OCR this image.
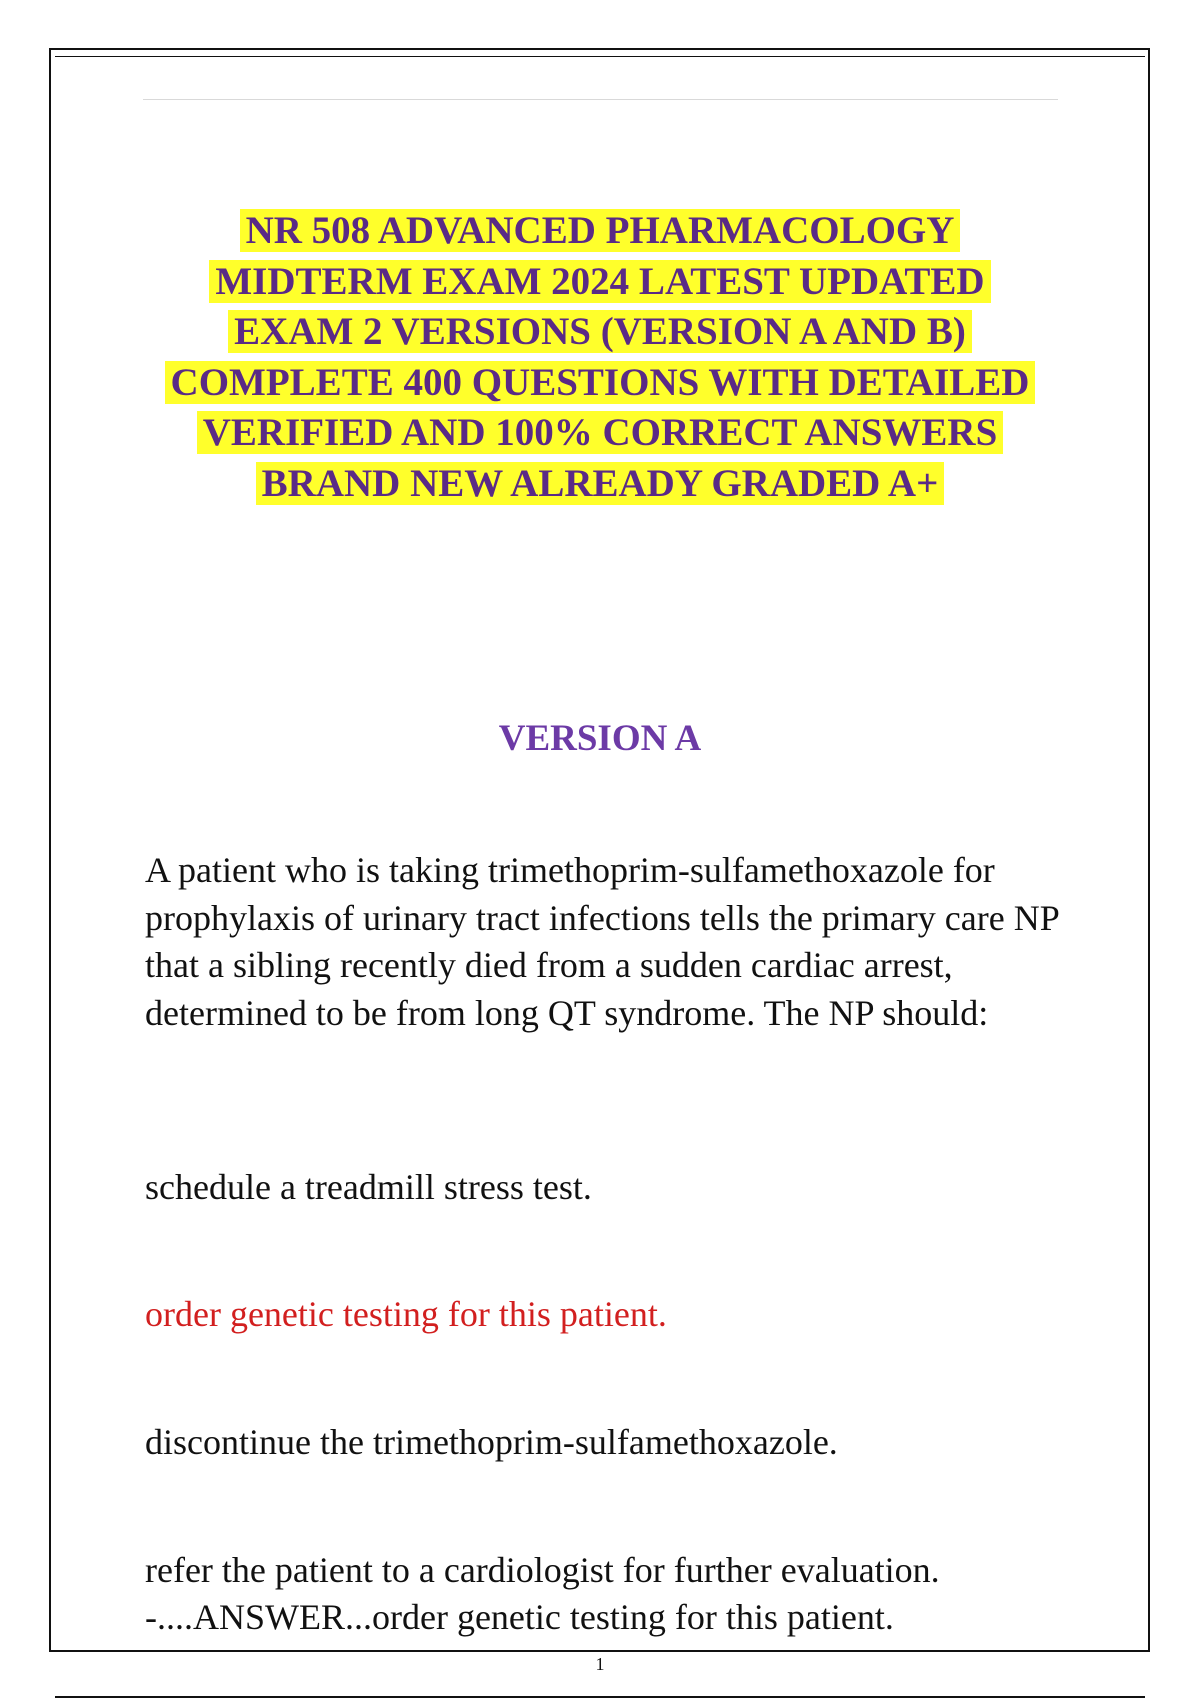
NR 508 ADVANCED PHARMACOLOGY
MIDTERM EXAM 2024 LATEST UPDATED
EXAM 2 VERSIONS (VERSION A AND B)
COMPLETE 400 QUESTIONS WITH DETAILED
VERIFIED AND 100% CORRECT ANSWERS
BRAND NEW ALREADY GRADED A+
VERSION A
A patient who is taking trimethoprim-sulfamethoxazole for prophylaxis of urinary tract infections tells the primary care NP that a sibling recently died from a sudden cardiac arrest, determined to be from long QT syndrome. The NP should:
schedule a treadmill stress test.
order genetic testing for this patient.
discontinue the trimethoprim-sulfamethoxazole.
refer the patient to a cardiologist for further evaluation. -....ANSWER...order genetic testing for this patient.
1
